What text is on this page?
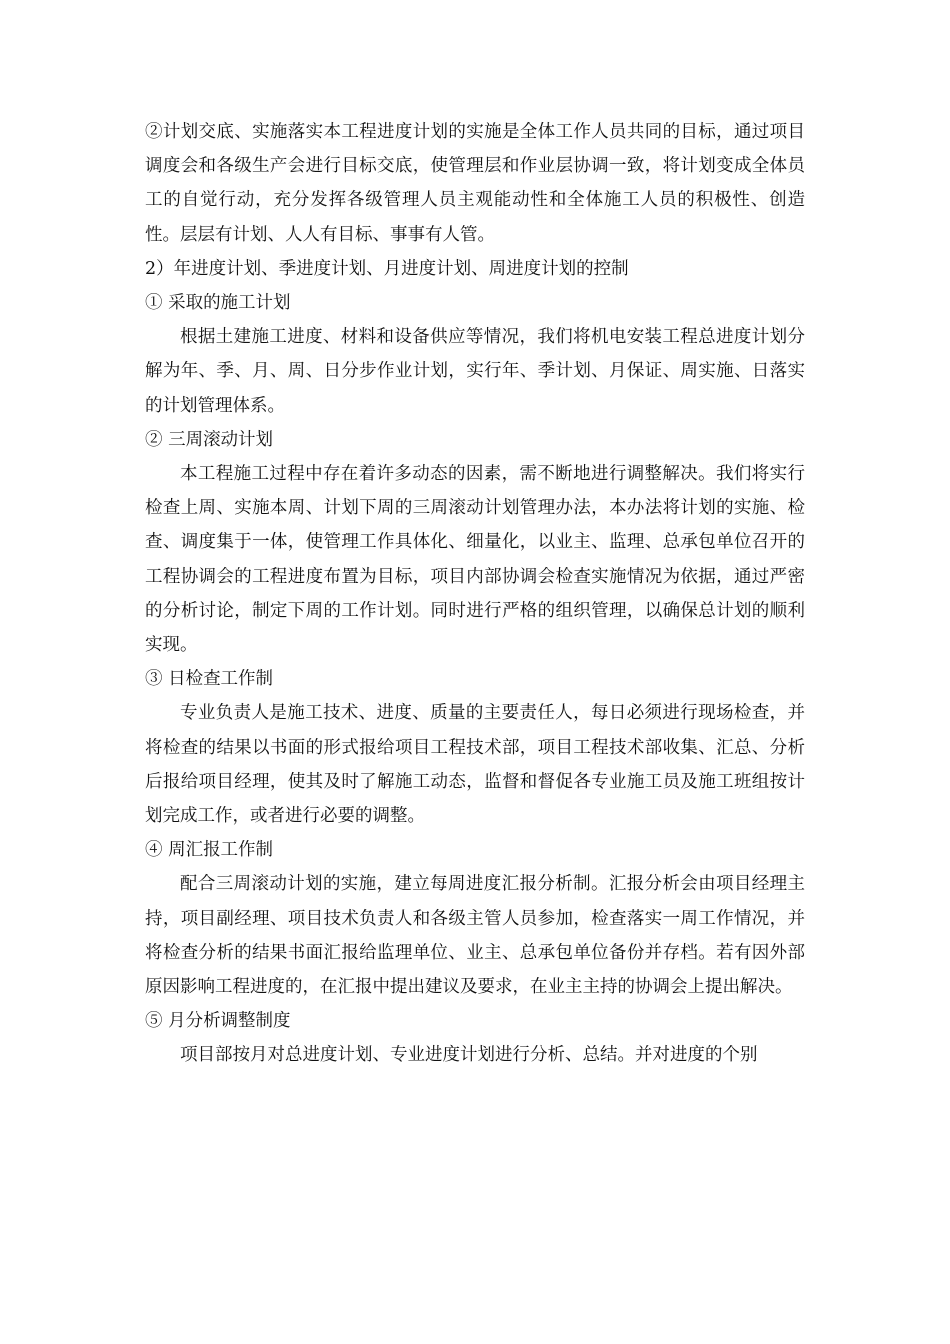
②计划交底、实施落实本工程进度计划的实施是全体工作人员共同的目标，通过项目调度会和各级生产会进行目标交底，使管理层和作业层协调一致，将计划变成全体员工的自觉行动，充分发挥各级管理人员主观能动性和全体施工人员的积极性、创造性。层层有计划、人人有目标、事事有人管。

2）年进度计划、季进度计划、月进度计划、周进度计划的控制

① 采取的施工计划

根据土建施工进度、材料和设备供应等情况，我们将机电安装工程总进度计划分解为年、季、月、周、日分步作业计划，实行年、季计划、月保证、周实施、日落实的计划管理体系。

② 三周滚动计划

本工程施工过程中存在着许多动态的因素，需不断地进行调整解决。我们将实行检查上周、实施本周、计划下周的三周滚动计划管理办法，本办法将计划的实施、检查、调度集于一体，使管理工作具体化、细量化，以业主、监理、总承包单位召开的工程协调会的工程进度布置为目标，项目内部协调会检查实施情况为依据，通过严密的分析讨论，制定下周的工作计划。同时进行严格的组织管理，以确保总计划的顺利实现。

③ 日检查工作制

专业负责人是施工技术、进度、质量的主要责任人，每日必须进行现场检查，并将检查的结果以书面的形式报给项目工程技术部，项目工程技术部收集、汇总、分析后报给项目经理，使其及时了解施工动态，监督和督促各专业施工员及施工班组按计划完成工作，或者进行必要的调整。

④ 周汇报工作制

配合三周滚动计划的实施，建立每周进度汇报分析制。汇报分析会由项目经理主持，项目副经理、项目技术负责人和各级主管人员参加，检查落实一周工作情况，并将检查分析的结果书面汇报给监理单位、业主、总承包单位备份并存档。若有因外部原因影响工程进度的，在汇报中提出建议及要求，在业主主持的协调会上提出解决。

⑤ 月分析调整制度

项目部按月对总进度计划、专业进度计划进行分析、总结。并对进度的个别
